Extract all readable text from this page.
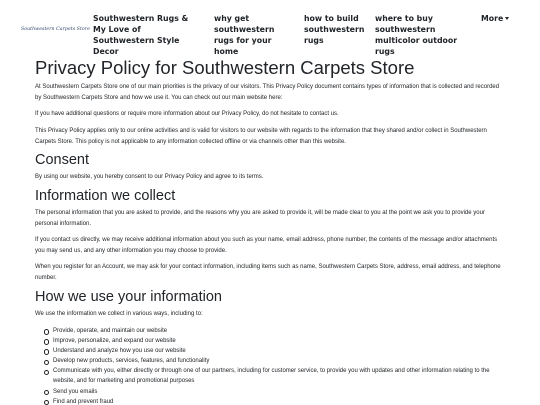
Southwestern Carpets Store
Southwestern Rugs & My Love of Southwestern Style Decor
why get southwestern rugs for your home
how to build southwestern rugs
where to buy southwestern multicolor outdoor rugs
More
Privacy Policy for Southwestern Carpets Store

At Southwestern Carpets Store one of our main priorities is the privacy of our visitors. This Privacy Policy document contains types of information that is collected and recorded by Southwestern Carpets Store and how we use it. You can check out our main website here:

If you have additional questions or require more information about our Privacy Policy, do not hesitate to contact us.

This Privacy Policy applies only to our online activities and is valid for visitors to our website with regards to the information that they shared and/or collect in Southwestern Carpets Store. This policy is not applicable to any information collected offline or via channels other than this website.

Consent

By using our website, you hereby consent to our Privacy Policy and agree to its terms.

Information we collect

The personal information that you are asked to provide, and the reasons why you are asked to provide it, will be made clear to you at the point we ask you to provide your personal information.

If you contact us directly, we may receive additional information about you such as your name, email address, phone number, the contents of the message and/or attachments you may send us, and any other information you may choose to provide.

When you register for an Account, we may ask for your contact information, including items such as name, Southwestern Carpets Store, address, email address, and telephone number.

How we use your information

We use the information we collect in various ways, including to:

Provide, operate, and maintain our website
Improve, personalize, and expand our website
Understand and analyze how you use our website
Develop new products, services, features, and functionality
Communicate with you, either directly or through one of our partners, including for customer service, to provide you with updates and other information relating to the website, and for marketing and promotional purposes
Send you emails
Find and prevent fraud
